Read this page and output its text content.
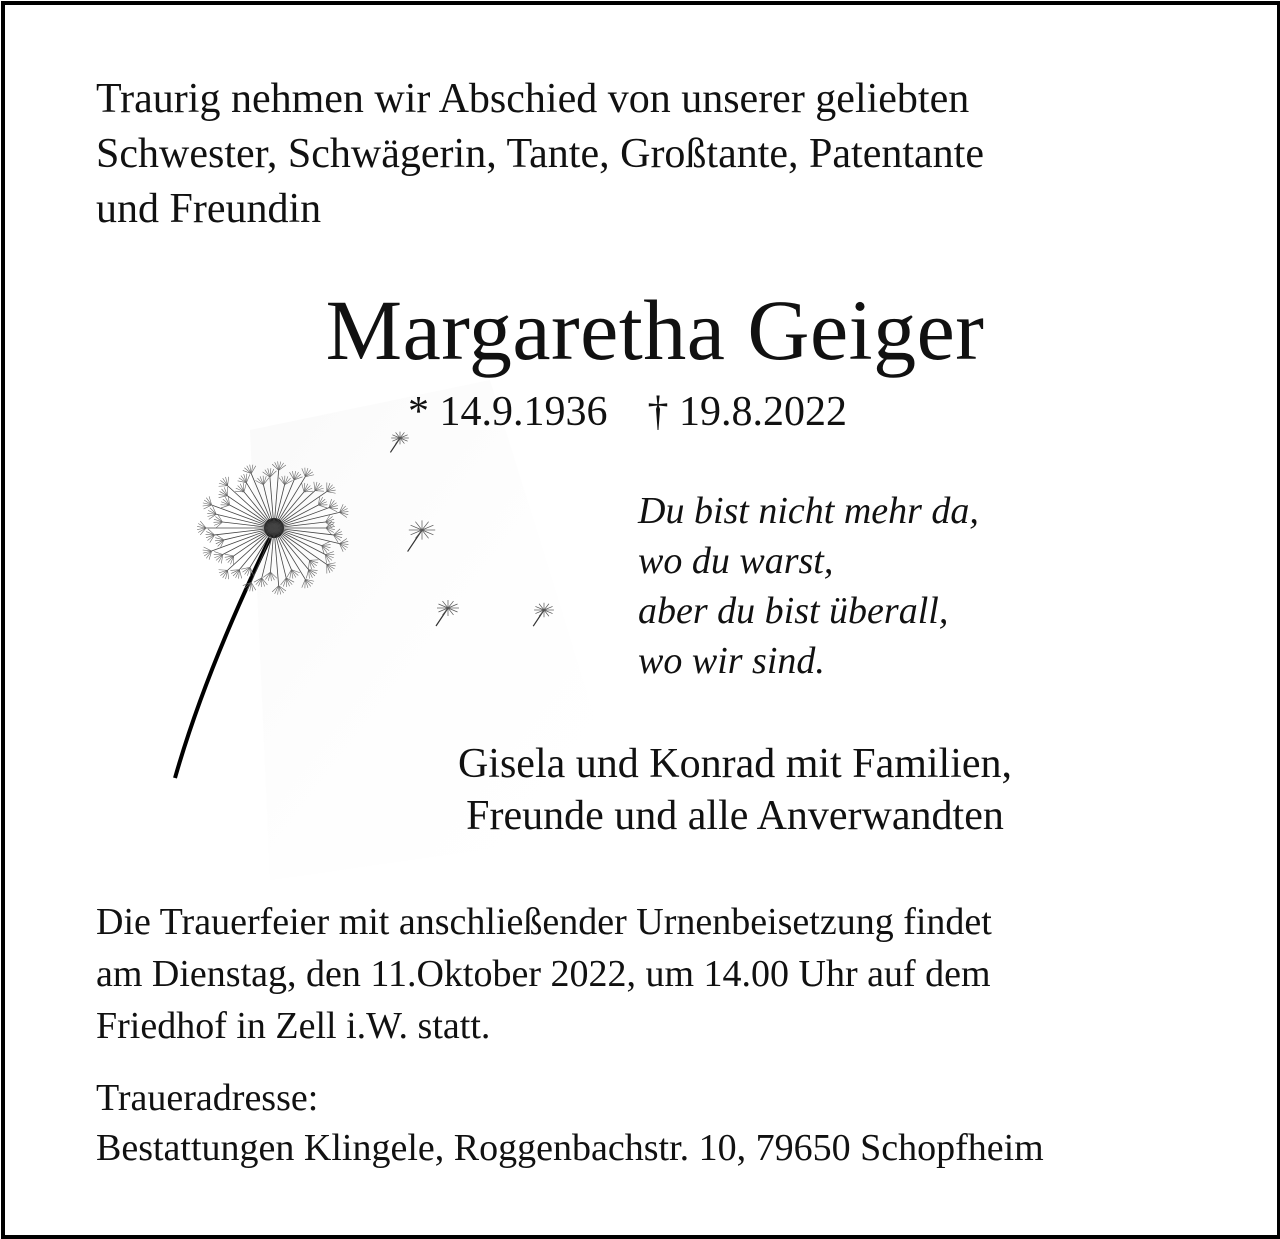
Traurig nehmen wir Abschied von unserer geliebten
Schwester, Schwägerin, Tante, Großtante, Patentante
und Freundin
Margaretha Geiger
* 14.9.1936 † 19.8.2022
Du bist nicht mehr da,
wo du warst,
aber du bist überall,
wo wir sind.
Gisela und Konrad mit Familien,
Freunde und alle Anverwandten
Die Trauerfeier mit anschließender Urnenbeisetzung findet
am Dienstag, den 11.Oktober 2022, um 14.00 Uhr auf dem
Friedhof in Zell i.W. statt.
Traueradresse:
Bestattungen Klingele, Roggenbachstr. 10, 79650 Schopfheim
